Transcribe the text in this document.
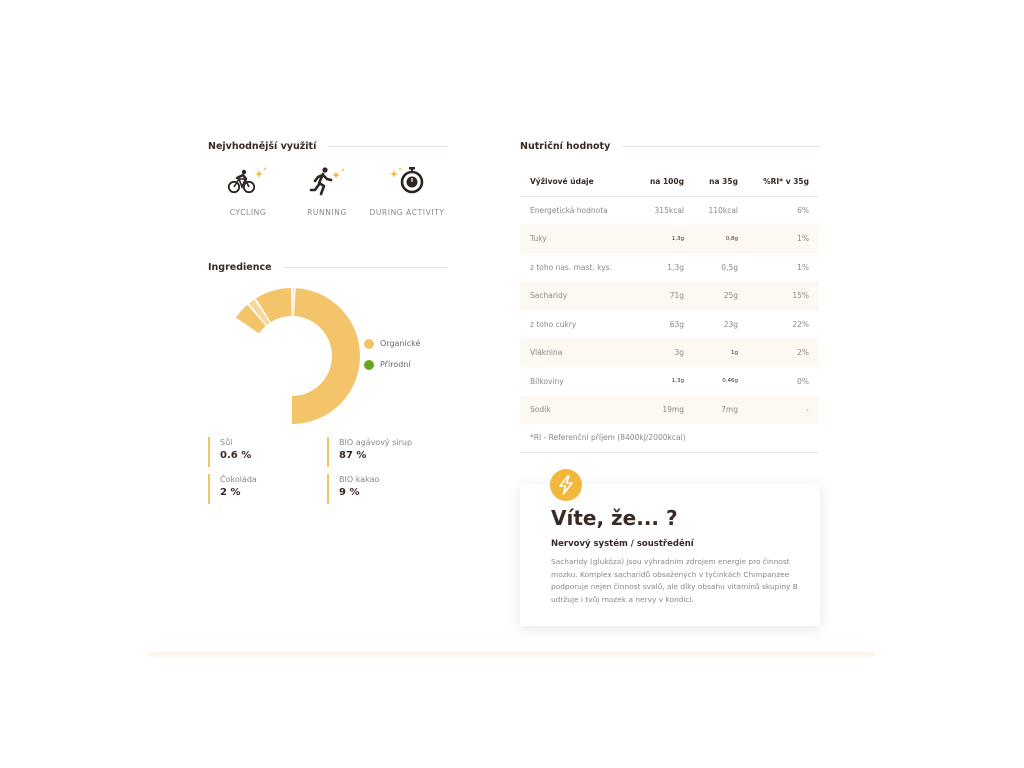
Nejvhodnější využití
CYCLING	RUNNING	DURING ACTIVITY
Ingredience
Organické
Přírodní
Sůl
0.6 %
BIO agávový sirup
87 %
Čokoláda
2 %
BIO kakao
9 %
Nutriční hodnoty
Výživové údaje	na 100g	na 35g	%RI* v 35g
Energetická hodnota	315kcal	110kcal	6%
Tuky	1,3g	0,8g	1%
z toho nas. mast. kys.	1,3g	0,5g	1%
Sacharidy	71g	25g	15%
z toho cukry	63g	23g	22%
Vláknina	3g	1g	2%
Bílkoviny	1,3g	0,46g	0%
Sodík	19mg	7mg	-
*RI - Referenční příjem (8400kJ/2000kcal)			
Víte, že... ?
Nervový systém / soustředění
Sacharidy (glukóza) jsou výhradním zdrojem energie pro činnost mozku. Komplex sacharidů obsažených v tyčinkách Chimpanzee podporuje nejen činnost svalů, ale díky obsahu vitamínů skupiny B udržuje i tvůj mozek a nervy v kondici.
